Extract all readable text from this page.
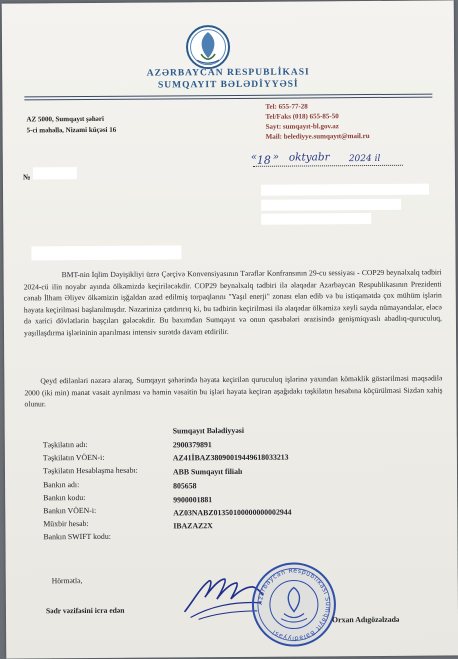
AZƏRBAYCAN RESPUBLİKASI
SUMQAYIT BƏLƏDİYYƏSİ
AZ 5000, Sumqayıt şəhəri
5-ci məhəllə, Nizami küçəsi 16
Tel: 655-77-28
Tel/Faks (018) 655-85-50
Sayt: sumqayıt-bl.gov.az
Mail: belediyye.sumqayıt@mail.ru
« 18 » oktyabr 2024 il
№
BMT-nin İqlim Dəyişikliyi üzrə Çərçivə Konvensiyasının Tərəflər Konfransının 29-cu sessiyası - COP29 beynəlxalq tədbiri 2024-cü ilin noyabr ayında ölkəmizdə keçiriləcəkdir. COP29 beynəlxalq tədbiri ilə əlaqədar Azərbaycan Respublikasının Prezidenti cənab İlham Əliyev ölkəmizin işğaldan azad edilmiş torpaqlarını "Yaşıl enerji" zonası elan edib və bu istiqamətdə çox mühüm işlərin həyata keçirilməsi başlanılmışdır. Nəzarinizə çatdırırıq ki, bu tədbirin keçirilməsi ilə əlaqədar ölkəmizə xeyli sayda nümayəndələr, eləcə də xarici dövlətlərin başçıları gələcəkdir. Bu baxımdan Sumqayıt və onun qəsəbələri ərazisində genişmiqyaslı abadlıq-quruculuq, yaşıllaşdırma işlərininin aparılması intensiv surətdə davam etdirilir.
Qeyd edilənləri nəzərə alaraq, Sumqayıt şəhərində həyata keçirilən quruculuq işlərinə yaxından köməklik göstərilməsi məqsədilə 2000 (iki min) manat vəsait ayrılması və həmin vəsaitin bu işləri həyata keçirən aşağıdakı təşkilatın hesabına köçürülməsi Sizdən xahiş olunur.
Təşkilatın adı:
Sumqayıt Bələdiyyəsi
Təşkilatın VÖEN-i:
2900379891
Təşkilatın Hesablaşma hesabı:
AZ41İBAZ38090019449618033213
Bankın adı:
ABB Sumqayıt filialı
Bankın kodu:
805658
Bankın VÖEN-i:
9900001881
Müxbir hesab:
AZ03NABZ01350100000000002944
Bankın SWIFT kodu:
IBAZAZ2X
Hörmətlə,
Sədr vəzifəsini icra edən
Azərbaycan Respublikası Sumqayıt Bələdiyyəsi
Orxan Adıgözəlzadə
